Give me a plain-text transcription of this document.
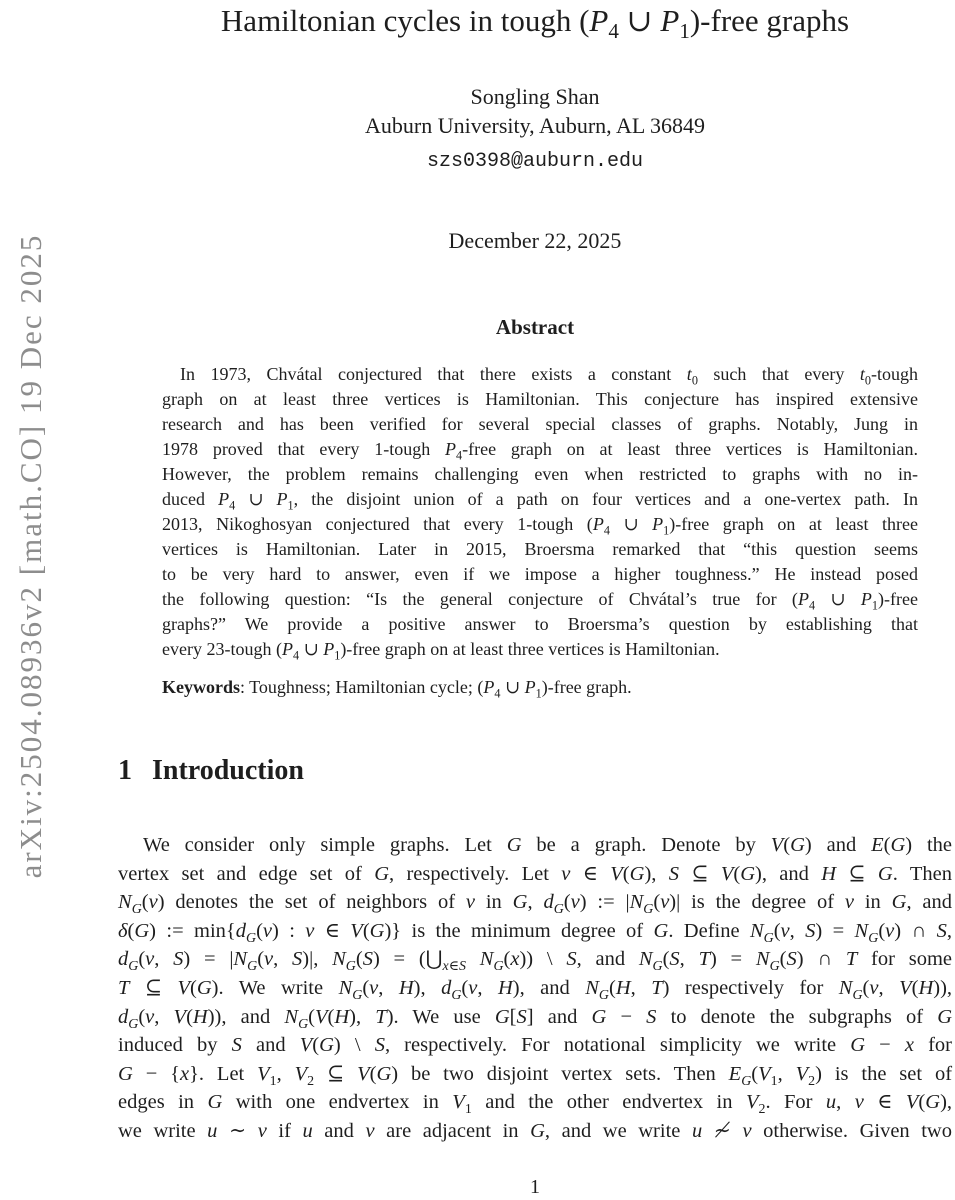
arXiv:2504.08936v2 [math.CO] 19 Dec 2025
Hamiltonian cycles in tough ($P_4$ ∪ $P_1$)-free graphs
Songling Shan
Auburn University, Auburn, AL 36849
szs0398@auburn.edu
December 22, 2025
Abstract
In 1973, Chvátal conjectured that there exists a constant $t_0$ such that every $t_0$-tough
graph on at least three vertices is Hamiltonian. This conjecture has inspired extensive
research and has been verified for several special classes of graphs. Notably, Jung in
1978 proved that every 1-tough $P_4$-free graph on at least three vertices is Hamiltonian.
However, the problem remains challenging even when restricted to graphs with no in-
duced $P_4$ ∪ $P_1$, the disjoint union of a path on four vertices and a one-vertex path. In
2013, Nikoghosyan conjectured that every 1-tough ($P_4$ ∪ $P_1$)-free graph on at least three
vertices is Hamiltonian. Later in 2015, Broersma remarked that “this question seems
to be very hard to answer, even if we impose a higher toughness.” He instead posed
the following question: “Is the general conjecture of Chvátal’s true for ($P_4$ ∪ $P_1$)-free
graphs?” We provide a positive answer to Broersma’s question by establishing that
every 23-tough ($P_4$ ∪ $P_1$)-free graph on at least three vertices is Hamiltonian.
Keywords: Toughness; Hamiltonian cycle; ($P_4$ ∪ $P_1$)-free graph.
1 Introduction
We consider only simple graphs. Let G be a graph. Denote by V(G) and E(G) the
vertex set and edge set of G, respectively. Let v ∈ V(G), S ⊆ V(G), and H ⊆ G. Then
$N_G(v)$ denotes the set of neighbors of v in G, $d_G(v)$ := $|N_G(v)|$ is the degree of v in G, and
δ(G) := $\min\{d_G(v)$ : v ∈ V(G)} is the minimum degree of G. Define $N_G(v$, $S) = N_G(v)$ ∩ S,
$d_G(v$, $S) = |N_G(v$, S)|, $N_G(S)$ = ($⋃_{x\in S}$ $N_G(x)$) \ S, and $N_G(S$, $T) = N_G(S)$ ∩ T for some
T ⊆ V(G). We write $N_G(v$, H), $d_G(v$, H), and $N_G(H$, T) respectively for $N_G(v$, V(H)),
$d_G(v$, V(H)), and $N_G(V(H)$, T). We use G[S] and G − S to denote the subgraphs of G
induced by S and V(G) \ S, respectively. For notational simplicity we write G − x for
G − {x}. Let $V_1$, $V_2$ ⊆ V(G) be two disjoint vertex sets. Then $E_G(V_1$, $V_2$) is the set of
edges in G with one endvertex in $V_1$ and the other endvertex in $V_2$. For u, v ∈ V(G),
we write u ∼ v if u and v are adjacent in G, and we write u ≁ v otherwise. Given two
1
